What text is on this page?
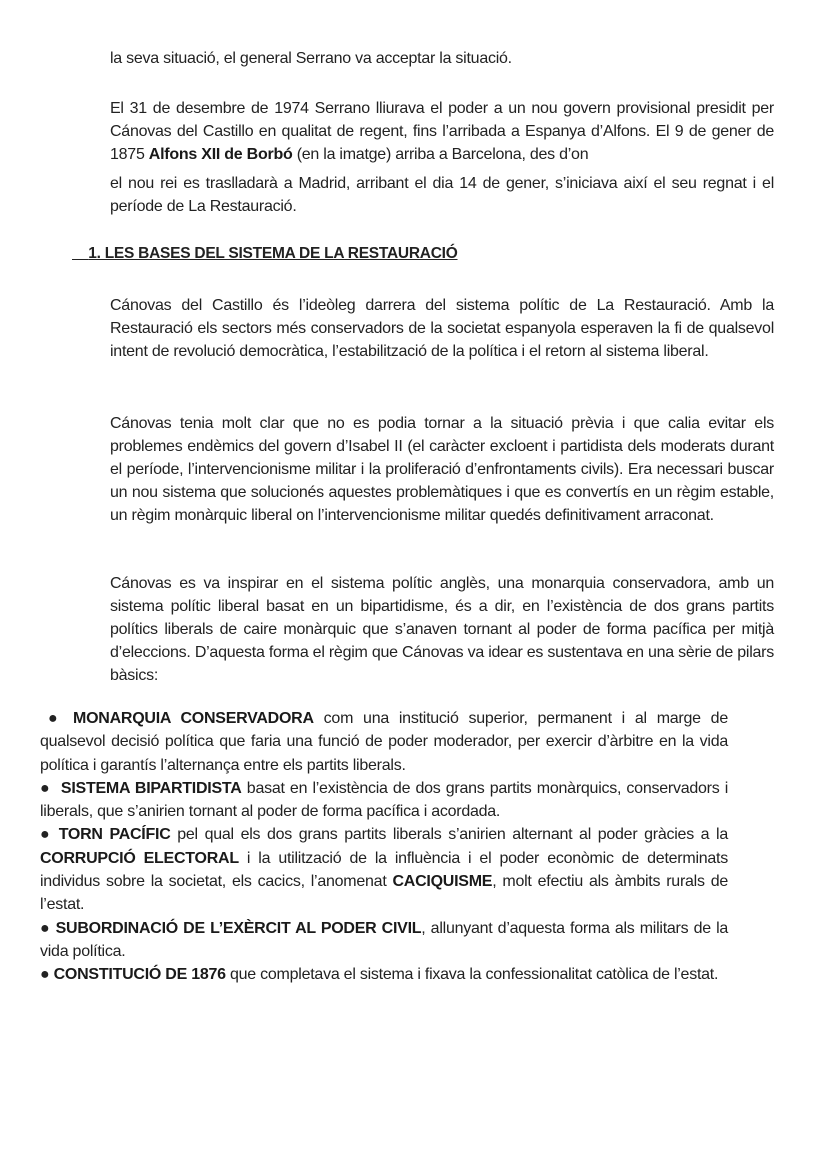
la seva situació, el general Serrano va acceptar la situació.

El 31 de desembre de 1974 Serrano lliurava el poder a un nou govern provisional presidit per Cánovas del Castillo en qualitat de regent, fins l’arribada a Espanya d’Alfons. El 9 de gener de 1875 Alfons XII de Borbó (en la imatge) arriba a Barcelona, des d’on

el nou rei es traslladarà a Madrid, arribant el dia 14 de gener, s’iniciava així el seu regnat i el període de La Restauració.

1. LES BASES DEL SISTEMA DE LA RESTAURACIÓ

Cánovas del Castillo és l’ideòleg darrera del sistema polític de La Restauració. Amb la Restauració els sectors més conservadors de la societat espanyola esperaven la fi de qualsevol intent de revolució democràtica, l’estabilització de la política i el retorn al sistema liberal.

Cánovas tenia molt clar que no es podia tornar a la situació prèvia i que calia evitar els problemes endèmics del govern d’Isabel II (el caràcter excloent i partidista dels moderats durant el període, l’intervencionisme militar i la proliferació d’enfrontaments civils). Era necessari buscar un nou sistema que solucionés aquestes problemàtiques i que es convertís en un règim estable, un règim monàrquic liberal on l’intervencionisme militar quedés definitivament arraconat.

Cánovas es va inspirar en el sistema polític anglès, una monarquia conservadora, amb un sistema polític liberal basat en un bipartidisme, és a dir, en l’existència de dos grans partits polítics liberals de caire monàrquic que s’anaven tornant al poder de forma pacífica per mitjà d’eleccions. D’aquesta forma el règim que Cánovas va idear es sustentava en una sèrie de pilars bàsics:

● MONARQUIA CONSERVADORA com una institució superior, permanent i al marge de qualsevol decisió política que faria una funció de poder moderador, per exercir d’àrbitre en la vida política i garantís l’alternança entre els partits liberals.
● SISTEMA BIPARTIDISTA basat en l’existència de dos grans partits monàrquics, conservadors i liberals, que s’anirien tornant al poder de forma pacífica i acordada.
● TORN PACÍFIC pel qual els dos grans partits liberals s’anirien alternant al poder gràcies a la CORRUPCIÓ ELECTORAL i la utilització de la influència i el poder econòmic de determinats individus sobre la societat, els cacics, l’anomenat CACIQUISME, molt efectiu als àmbits rurals de l’estat.
● SUBORDINACIÓ DE L’EXÈRCIT AL PODER CIVIL, allunyant d’aquesta forma als militars de la vida política.
● CONSTITUCIÓ DE 1876 que completava el sistema i fixava la confessionalitat catòlica de l’estat.
